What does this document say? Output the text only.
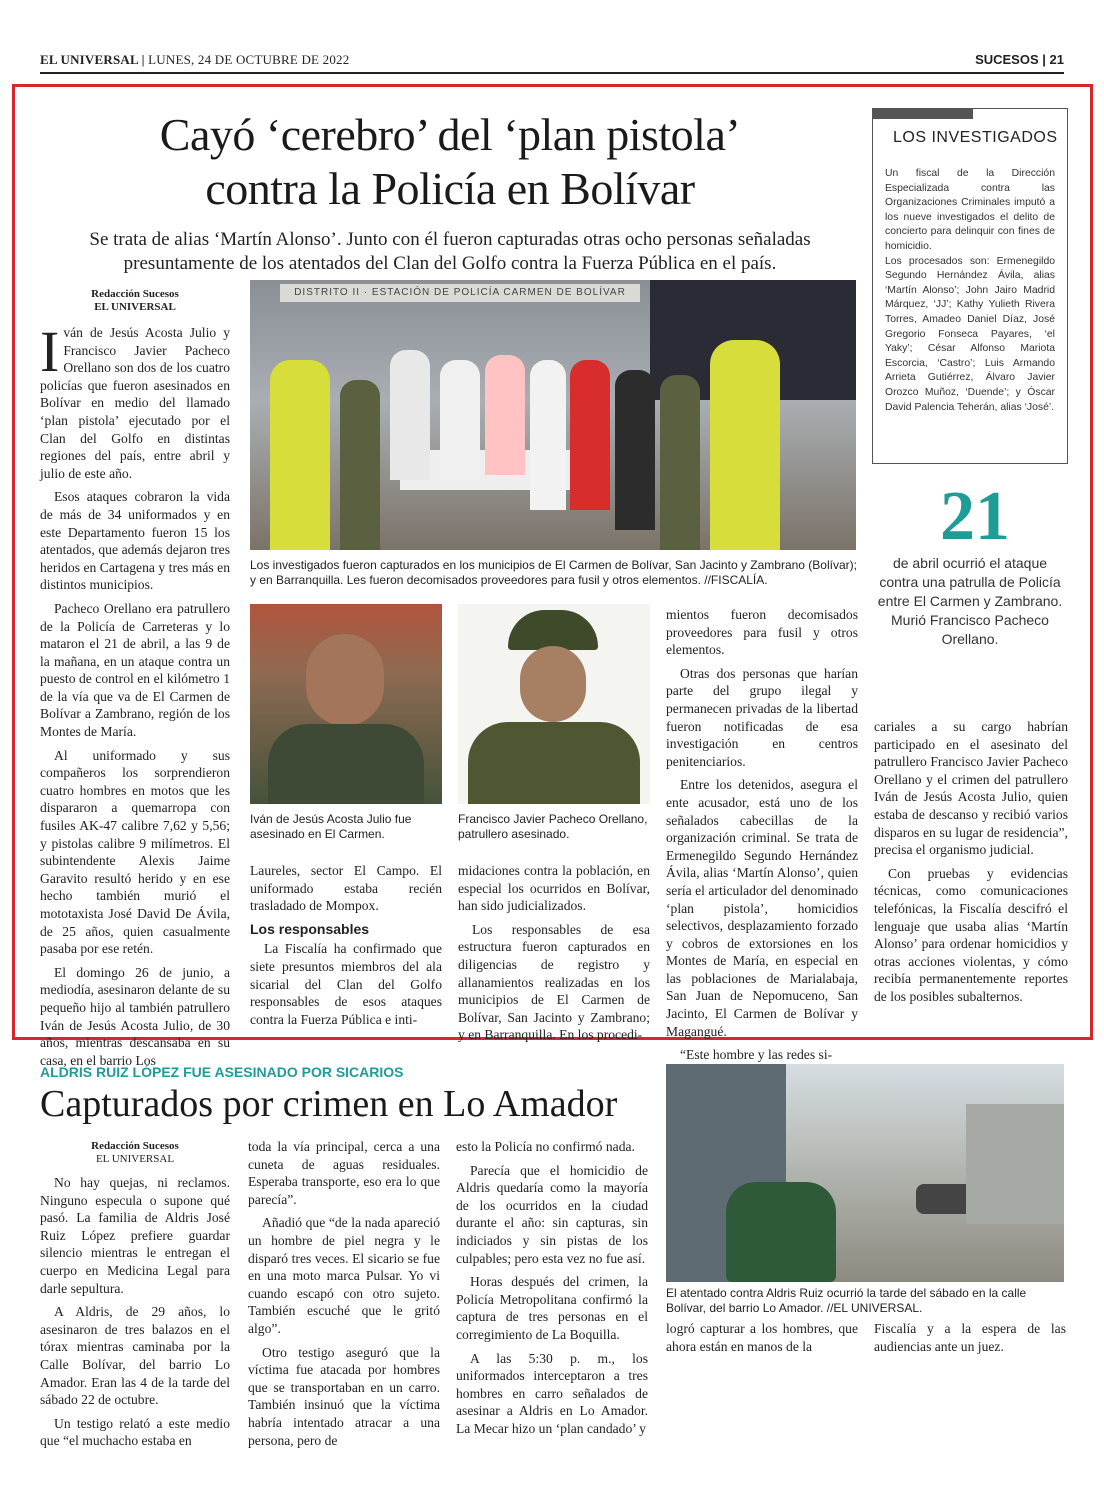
EL UNIVERSAL | LUNES, 24 DE OCTUBRE DE 2022	SUCESOS | 21
Cayó ‘cerebro’ del ‘plan pistola’
contra la Policía en Bolívar
Se trata de alias ‘Martín Alonso’. Junto con él fueron capturadas otras ocho personas señaladas
presuntamente de los atentados del Clan del Golfo contra la Fuerza Pública en el país.
Redacción Sucesos
EL UNIVERSAL

Iván de Jesús Acosta Julio y Francisco Javier Pacheco Orellano son dos de los cuatro policías que fueron asesinados en Bolívar en medio del llamado ‘plan pistola’ ejecutado por el Clan del Golfo en distintas regiones del país, entre abril y julio de este año.

Esos ataques cobraron la vida de más de 34 uniformados y en este Departamento fueron 15 los atentados, que además dejaron tres heridos en Cartagena y tres más en distintos municipios.

Pacheco Orellano era patrullero de la Policía de Carreteras y lo mataron el 21 de abril, a las 9 de la mañana, en un ataque contra un puesto de control en el kilómetro 1 de la vía que va de El Carmen de Bolívar a Zambrano, región de los Montes de María.

Al uniformado y sus compañeros los sorprendieron cuatro hombres en motos que les dispararon a quemarropa con fusiles AK-47 calibre 7,62 y 5,56; y pistolas calibre 9 milímetros. El subintendente Alexis Jaime Garavito resultó herido y en ese hecho también murió el mototaxista José David De Ávila, de 25 años, quien casualmente pasaba por ese retén.

El domingo 26 de junio, a mediodía, asesinaron delante de su pequeño hijo al también patrullero Iván de Jesús Acosta Julio, de 30 años, mientras descansaba en su casa, en el barrio Los

DISTRITO II · ESTACIÓN DE POLICÍA CARMEN DE BOLÍVAR
Los investigados fueron capturados en los municipios de El Carmen de Bolívar, San Jacinto y Zambrano (Bolívar); y en Barranquilla. Les fueron decomisados proveedores para fusil y otros elementos. //FISCALÍA.
Iván de Jesús Acosta Julio fue asesinado en El Carmen.
Francisco Javier Pacheco Orellano, patrullero asesinado.

Laureles, sector El Campo. El uniformado estaba recién trasladado de Mompox.

Los responsables

La Fiscalía ha confirmado que siete presuntos miembros del ala sicarial del Clan del Golfo responsables de esos ataques contra la Fuerza Pública e inti-

midaciones contra la población, en especial los ocurridos en Bolívar, han sido judicializados.

Los responsables de esa estructura fueron capturados en diligencias de registro y allanamientos realizadas en los municipios de El Carmen de Bolívar, San Jacinto y Zambrano; y en Barranquilla. En los procedi-

mientos fueron decomisados proveedores para fusil y otros elementos.

Otras dos personas que harían parte del grupo ilegal y permanecen privadas de la libertad fueron notificadas de esa investigación en centros penitenciarios.

Entre los detenidos, asegura el ente acusador, está uno de los señalados cabecillas de la organización criminal. Se trata de Ermenegildo Segundo Hernández Ávila, alias ‘Martín Alonso’, quien sería el articulador del denominado ‘plan pistola’, homicidios selectivos, desplazamiento forzado y cobros de extorsiones en los Montes de María, en especial en las poblaciones de Marialabaja, San Juan de Nepomuceno, San Jacinto, El Carmen de Bolívar y Magangué.

“Este hombre y las redes si-

cariales a su cargo habrían participado en el asesinato del patrullero Francisco Javier Pacheco Orellano y el crimen del patrullero Iván de Jesús Acosta Julio, quien estaba de descanso y recibió varios disparos en su lugar de residencia”, precisa el organismo judicial.

Con pruebas y evidencias técnicas, como comunicaciones telefónicas, la Fiscalía descifró el lenguaje que usaba alias ‘Martín Alonso’ para ordenar homicidios y otras acciones violentas, y cómo recibía permanentemente reportes de los posibles subalternos.

LOS INVESTIGADOS
Un fiscal de la Dirección Especializada contra las Organizaciones Criminales imputó a los nueve investigados el delito de concierto para delinquir con fines de homicidio.
Los procesados son: Ermenegildo Segundo Hernández Ávila, alias ‘Martín Alonso’; John Jairo Madrid Márquez, ‘JJ’; Kathy Yulieth Rivera Torres, Amadeo Daniel Díaz, José Gregorio Fonseca Payares, ‘el Yaky’; César Alfonso Mariota Escorcia, ‘Castro’; Luis Armando Arrieta Gutiérrez, Álvaro Javier Orozco Muñoz, ‘Duende’; y Óscar David Palencia Teherán, alias ‘José’.
21
de abril ocurrió el ataque contra una patrulla de Policía entre El Carmen y Zambrano. Murió Francisco Pacheco Orellano.
ALDRIS RUIZ LÓPEZ FUE ASESINADO POR SICARIOS
Capturados por crimen en Lo Amador
Redacción Sucesos
EL UNIVERSAL

No hay quejas, ni reclamos. Ninguno especula o supone qué pasó. La familia de Aldris José Ruiz López prefiere guardar silencio mientras le entregan el cuerpo en Medicina Legal para darle sepultura.

A Aldris, de 29 años, lo asesinaron de tres balazos en el tórax mientras caminaba por la Calle Bolívar, del barrio Lo Amador. Eran las 4 de la tarde del sábado 22 de octubre.

Un testigo relató a este medio que “el muchacho estaba en

toda la vía principal, cerca a una cuneta de aguas residuales. Esperaba transporte, eso era lo que parecía”.

Añadió que “de la nada apareció un hombre de piel negra y le disparó tres veces. El sicario se fue en una moto marca Pulsar. Yo vi cuando escapó con otro sujeto. También escuché que le gritó algo”.

Otro testigo aseguró que la víctima fue atacada por hombres que se transportaban en un carro. También insinuó que la víctima habría intentado atracar a una persona, pero de

esto la Policía no confirmó nada.

Parecía que el homicidio de Aldris quedaría como la mayoría de los ocurridos en la ciudad durante el año: sin capturas, sin indiciados y sin pistas de los culpables; pero esta vez no fue así.

Horas después del crimen, la Policía Metropolitana confirmó la captura de tres personas en el corregimiento de La Boquilla.

A las 5:30 p. m., los uniformados interceptaron a tres hombres en carro señalados de asesinar a Aldris en Lo Amador. La Mecar hizo un ‘plan candado’ y

El atentado contra Aldris Ruiz ocurrió la tarde del sábado en la calle Bolívar, del barrio Lo Amador. //EL UNIVERSAL.

logró capturar a los hombres, que ahora están en manos de la

Fiscalía y a la espera de las audiencias ante un juez.
